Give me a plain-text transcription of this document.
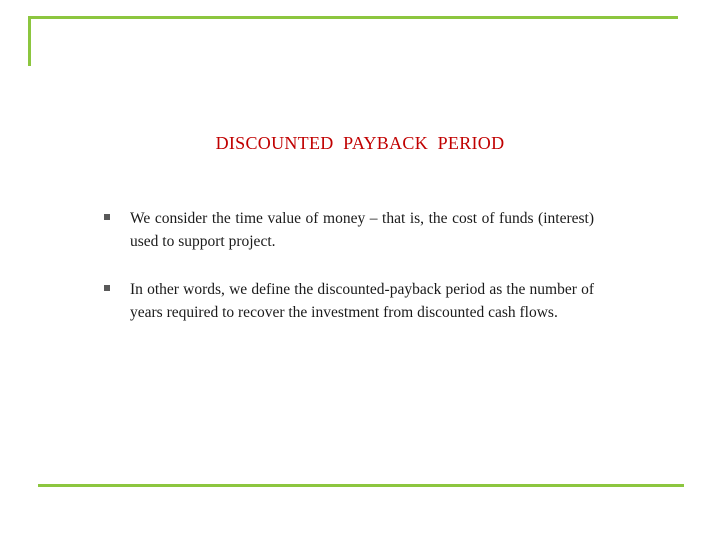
DISCOUNTED  PAYBACK  PERIOD
We consider the time value of money – that is, the cost of funds (interest) used to support project.
In other words, we define the discounted-payback period as the number of years required to recover the investment from discounted cash flows.
